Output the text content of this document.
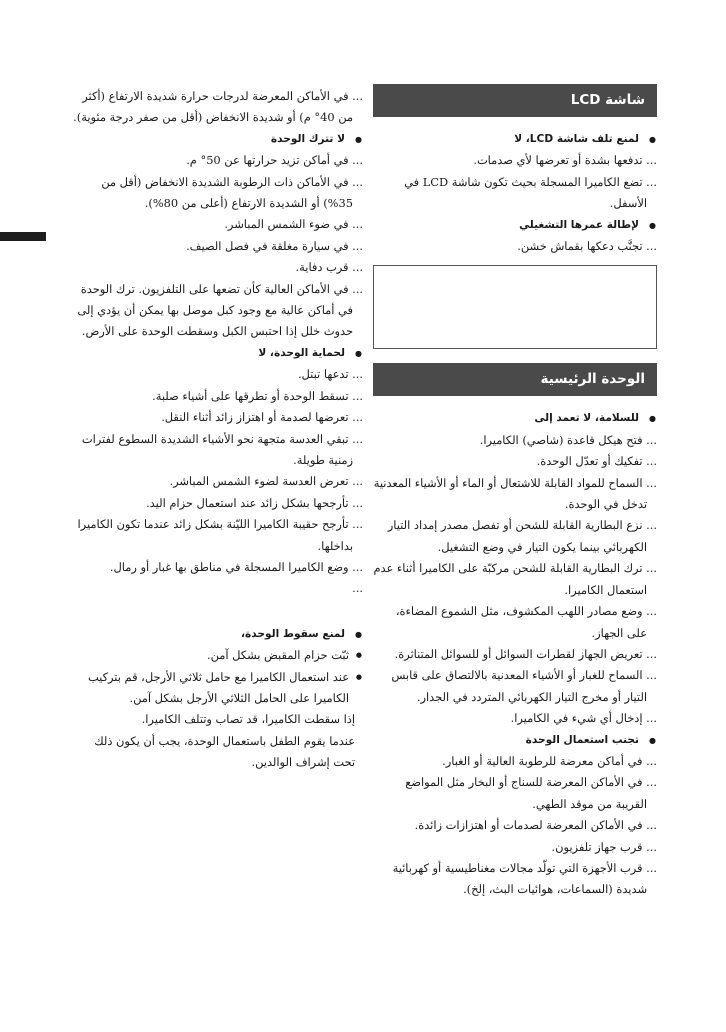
شاشة LCD
● لمنع تلف شاشة LCD، لا
... تدفعها بشدة أو تعرضها لأي صدمات.
... تضع الكاميرا المسجلة بحيث تكون شاشة LCD في الأسفل.
● لإطالة عمرها التشغيلي
... تجنَّب دعكها بقماش خشن.
الوحدة الرئيسية
● للسلامة، لا تعمد إلى
... فتح هيكل قاعدة (شاصي) الكاميرا.
... تفكيك أو تعدّل الوحدة.
... السماح للمواد القابلة للاشتعال أو الماء أو الأشياء المعدنية تدخل في الوحدة.
... نزع البطارية القابلة للشحن أو تفصل مصدر إمداد التيار الكهربائي بينما يكون التيار في وضع التشغيل.
... ترك البطارية القابلة للشحن مركبّة على الكاميرا أثناء عدم استعمال الكاميرا.
... وضع مصادر اللهب المكشوف، مثل الشموع المضاءة، على الجهاز.
... تعريض الجهاز لقطرات السوائل أو للسوائل المتناثرة.
... السماح للغبار أو الأشياء المعدنية بالالتصاق على قابس التيار أو مخرج التيار الكهربائي المتردد في الجدار.
... إدخال أي شيء في الكاميرا.
● تجنب استعمال الوحدة
... في أماكن معرضة للرطوبة العالية أو الغبار.
... في الأماكن المعرضة للسناج أو البخار مثل المواضع القريبة من موقد الطهي.
... في الأماكن المعرضة لصدمات أو اهتزازات زائدة.
... قرب جهاز تلفزيون.
... قرب الأجهزة التي تولّد مجالات مغناطيسية أو كهربائية شديدة (السماعات، هوائيات البث، إلخ).
... في الأماكن المعرضة لدرجات حرارة شديدة الارتفاع (أكثر من 40° م) أو شديدة الانخفاض (أقل من صفر درجة مئوية).
● لا تترك الوحدة
... في أماكن تزيد حرارتها عن 50° م.
... في الأماكن ذات الرطوبة الشديدة الانخفاض (أقل من 35%) أو الشديدة الارتفاع (أعلى من 80%).
... في ضوء الشمس المباشر.
... في سيارة مغلقة في فصل الصيف.
... قرب دفاية.
... في الأماكن العالية كأن تضعها على التلفزيون. ترك الوحدة في أماكن عالية مع وجود كبل موصل بها يمكن أن يؤدي إلى حدوث خلل إذا احتبس الكبل وسقطت الوحدة على الأرض.
● لحماية الوحدة، لا
... تدعها تبتل.
... تسقط الوحدة أو تطرقها على أشياء صلبة.
... تعرضها لصدمة أو اهتزاز زائد أثناء النقل.
... تبقي العدسة متجهة نحو الأشياء الشديدة السطوع لفترات زمنية طويلة.
... تعرض العدسة لضوء الشمس المباشر.
... تأرجحها بشكل زائد عند استعمال حزام اليد.
... تأرجح حقيبة الكاميرا الليّنة بشكل زائد عندما تكون الكاميرا بداخلها.
... وضع الكاميرا المسجلة في مناطق بها غبار أو رمال.
...
● لمنع سقوط الوحدة،
● ثبّت حزام المقبض بشكل آمن.
● عند استعمال الكاميرا مع حامل ثلاثي الأرجل، قم بتركيب الكاميرا على الحامل الثلاثي الأرجل بشكل آمن.
إذا سقطت الكاميرا، قد تصاب وتتلف الكاميرا.
عندما يقوم الطفل باستعمال الوحدة، يجب أن يكون ذلك تحت إشراف الوالدين.
